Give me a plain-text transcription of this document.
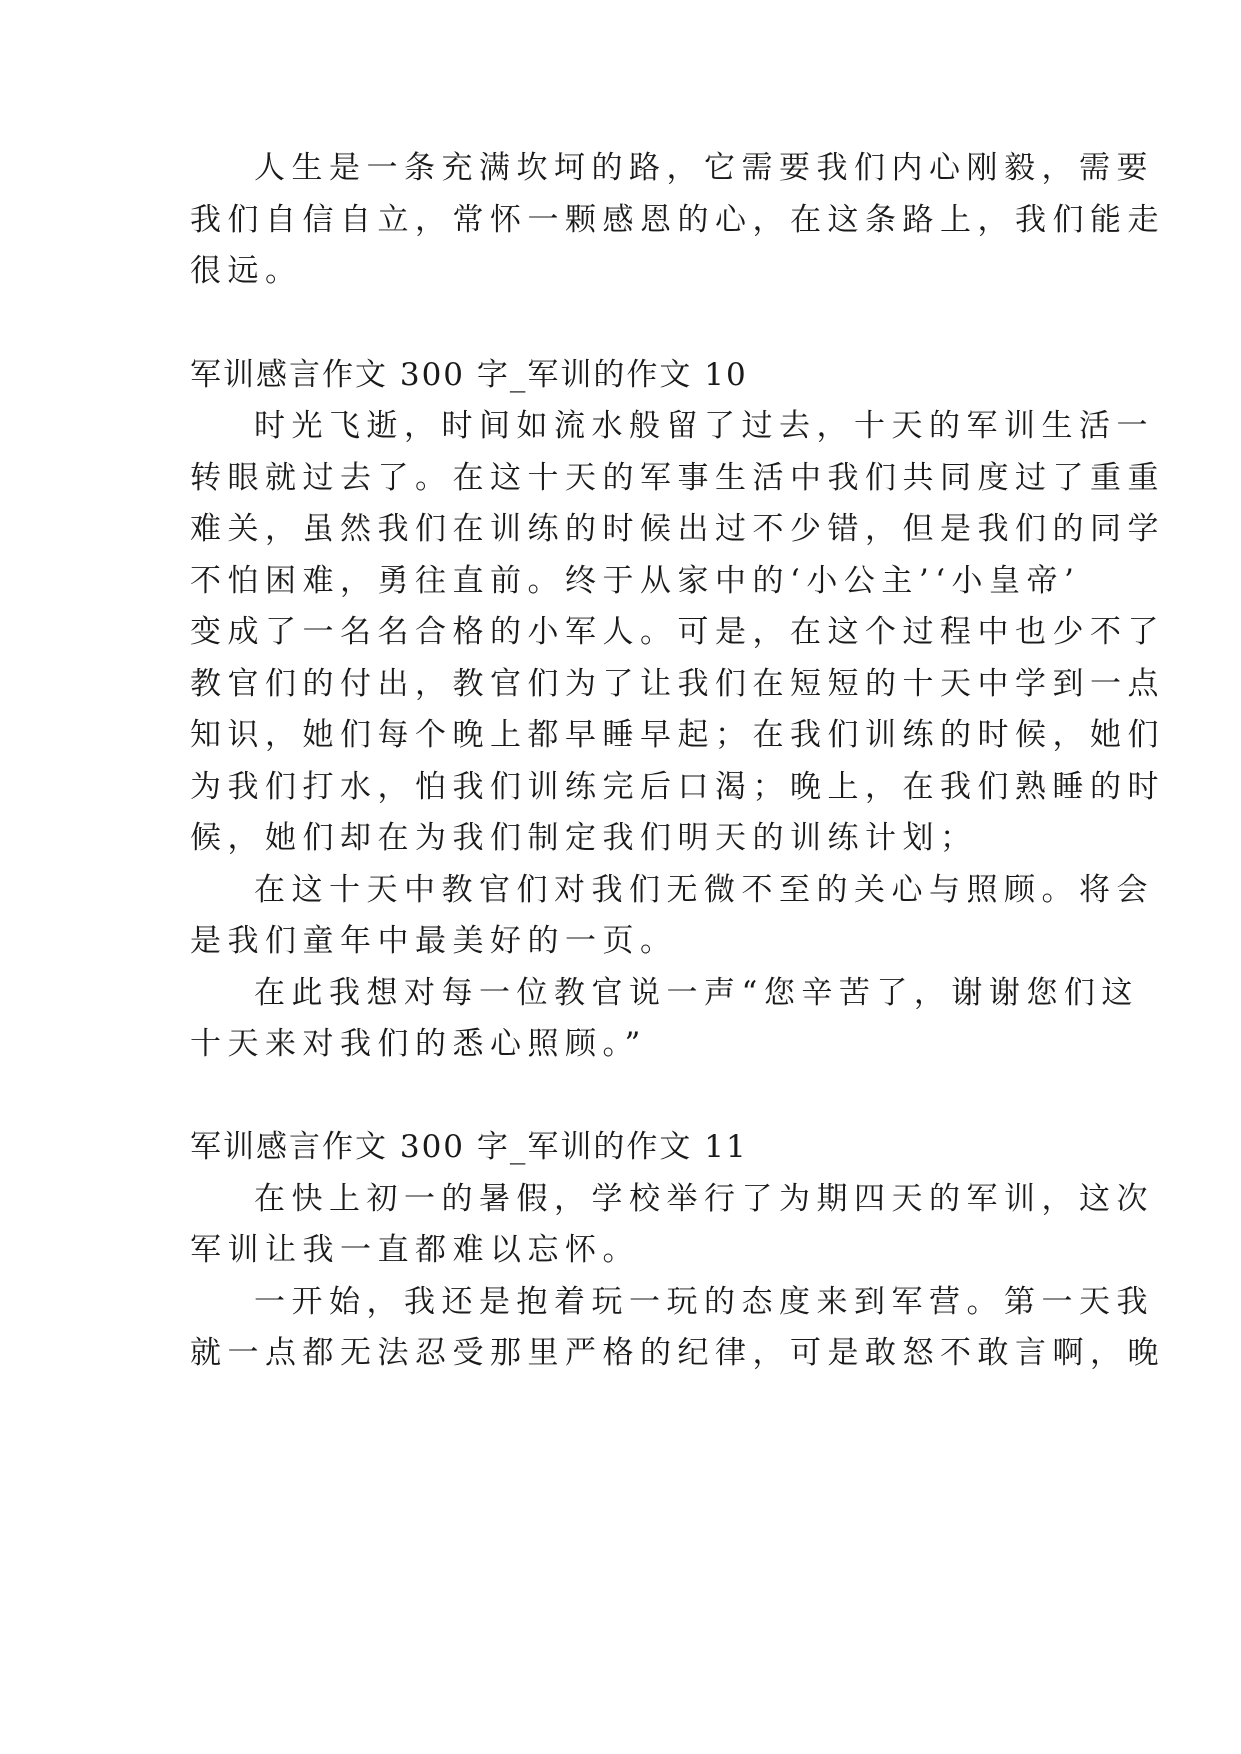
人生是一条充满坎坷的路，它需要我们内心刚毅，需要
我们自信自立，常怀一颗感恩的心，在这条路上，我们能走
很远。
军训感言作文 300 字_军训的作文 10
时光飞逝，时间如流水般留了过去，十天的军训生活一
转眼就过去了。在这十天的军事生活中我们共同度过了重重
难关，虽然我们在训练的时候出过不少错，但是我们的同学
不怕困难，勇往直前。终于从家中的‘小公主’‘小皇帝’
变成了一名名合格的小军人。可是，在这个过程中也少不了
教官们的付出，教官们为了让我们在短短的十天中学到一点
知识，她们每个晚上都早睡早起；在我们训练的时候，她们
为我们打水，怕我们训练完后口渴；晚上，在我们熟睡的时
候，她们却在为我们制定我们明天的训练计划；
在这十天中教官们对我们无微不至的关心与照顾。将会
是我们童年中最美好的一页。
在此我想对每一位教官说一声“您辛苦了，谢谢您们这
十天来对我们的悉心照顾。”
军训感言作文 300 字_军训的作文 11
在快上初一的暑假，学校举行了为期四天的军训，这次
军训让我一直都难以忘怀。
一开始，我还是抱着玩一玩的态度来到军营。第一天我
就一点都无法忍受那里严格的纪律，可是敢怒不敢言啊，晚
